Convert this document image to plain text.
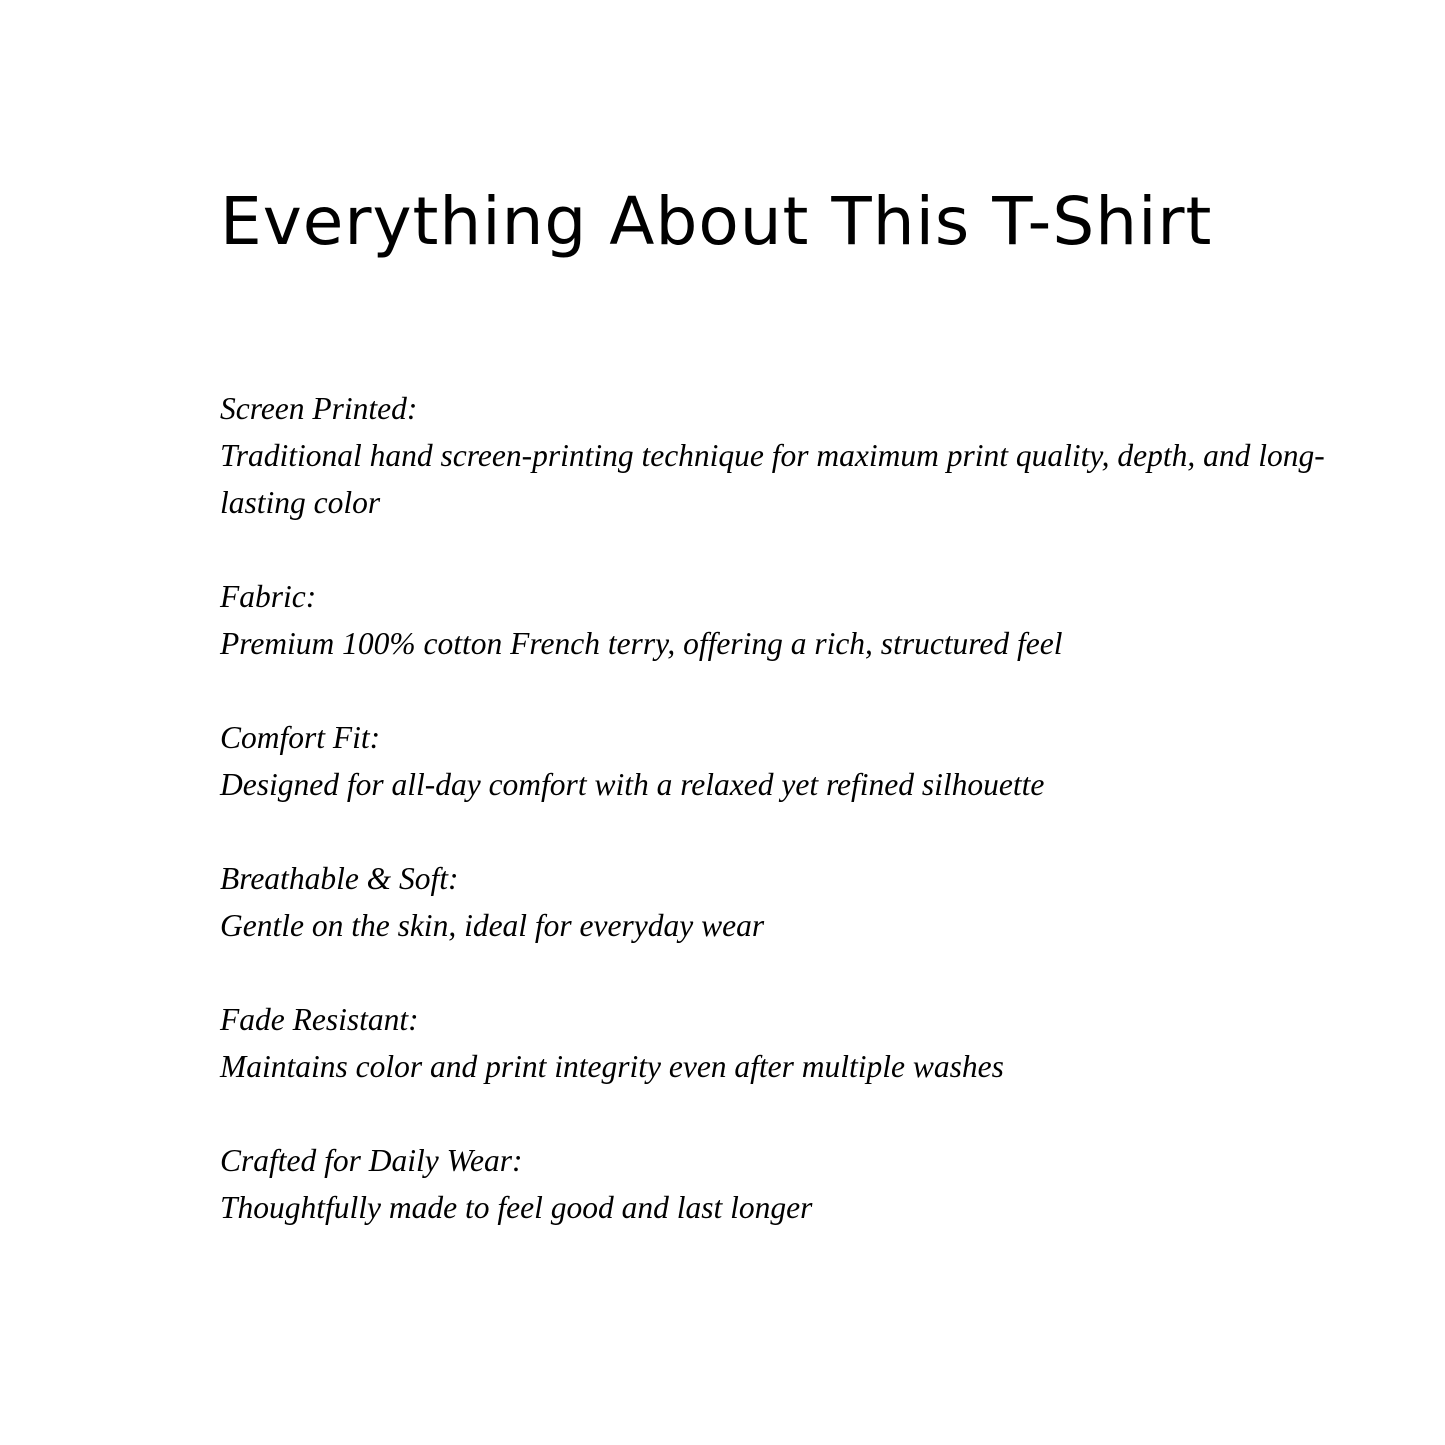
Everything About This T-Shirt
Screen Printed:
Traditional hand screen-printing technique for maximum print quality, depth, and long-lasting color
Fabric:
Premium 100% cotton French terry, offering a rich, structured feel
Comfort Fit:
Designed for all-day comfort with a relaxed yet refined silhouette
Breathable & Soft:
Gentle on the skin, ideal for everyday wear
Fade Resistant:
Maintains color and print integrity even after multiple washes
Crafted for Daily Wear:
Thoughtfully made to feel good and last longer
